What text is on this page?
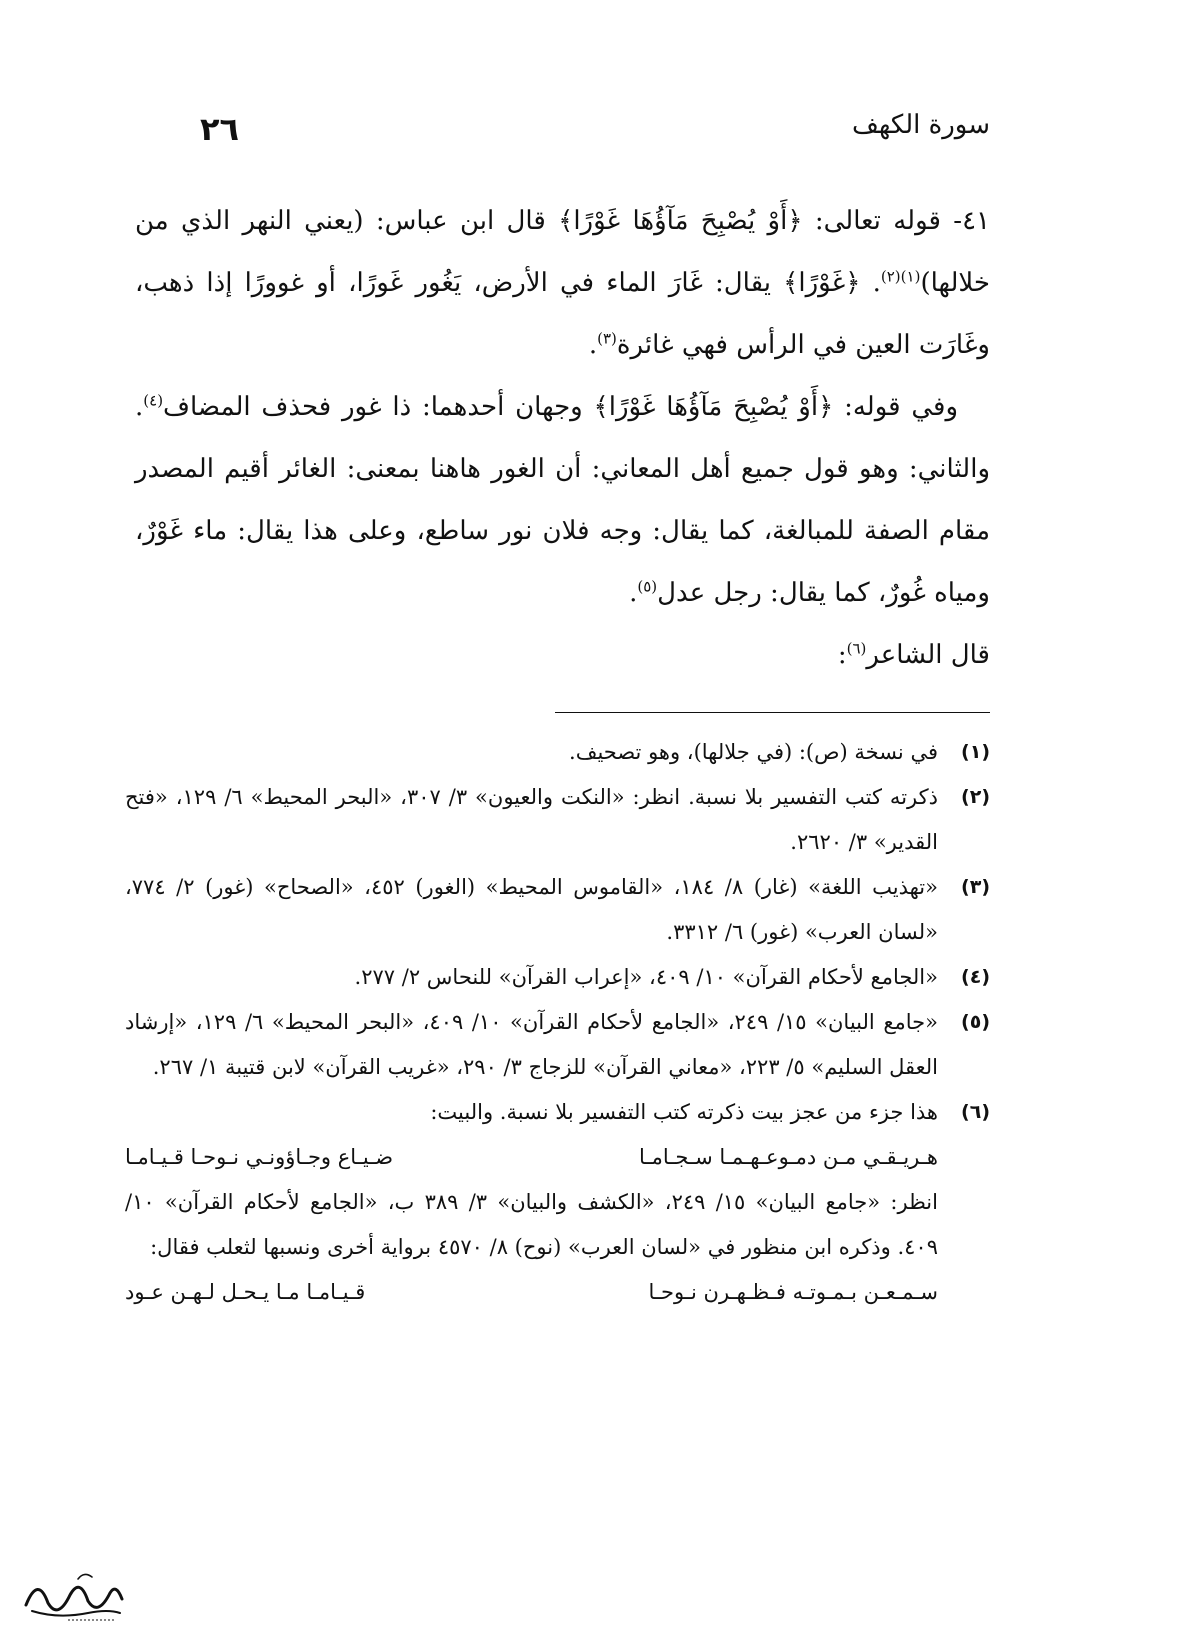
٢٦	سورة الكهف

٤١- قوله تعالى: ﴿أَوْ يُصْبِحَ مَآؤُهَا غَوْرًا﴾ قال ابن عباس: (يعني النهر الذي من خلالها)$^{(١)(٢)}$. ﴿غَوْرًا﴾ يقال: غَارَ الماء في الأرض، يَغُور غَورًا، أو غوورًا إذا ذهب، وغَارَت العين في الرأس فهي غائرة$^{(٣)}$.

وفي قوله: ﴿أَوْ يُصْبِحَ مَآؤُهَا غَوْرًا﴾ وجهان أحدهما: ذا غور فحذف المضاف$^{(٤)}$. والثاني: وهو قول جميع أهل المعاني: أن الغور هاهنا بمعنى: الغائر أقيم المصدر مقام الصفة للمبالغة، كما يقال: وجه فلان نور ساطع، وعلى هذا يقال: ماء غَوْرٌ، ومياه غُورٌ، كما يقال: رجل عدل$^{(٥)}$.

قال الشاعر$^{(٦)}$:

(١)
في نسخة (ص): (في جلالها)، وهو تصحيف.
(٢)
ذكرته كتب التفسير بلا نسبة. انظر: «النكت والعيون» ٣/ ٣٠٧، «البحر المحيط» ٦/ ١٢٩، «فتح القدير» ٣/ ٢٦٢٠.
(٣)
«تهذيب اللغة» (غار) ٨/ ١٨٤، «القاموس المحيط» (الغور) ٤٥٢، «الصحاح» (غور) ٢/ ٧٧٤، «لسان العرب» (غور) ٦/ ٣٣١٢.
(٤)
«الجامع لأحكام القرآن» ١٠/ ٤٠٩، «إعراب القرآن» للنحاس ٢/ ٢٧٧.
(٥)
«جامع البيان» ١٥/ ٢٤٩، «الجامع لأحكام القرآن» ١٠/ ٤٠٩، «البحر المحيط» ٦/ ١٢٩، «إرشاد العقل السليم» ٥/ ٢٢٣، «معاني القرآن» للزجاج ٣/ ٢٩٠، «غريب القرآن» لابن قتيبة ١/ ٢٦٧.
(٦)
هذا جزء من عجز بيت ذكرته كتب التفسير بلا نسبة. والبيت:
هـريـقـي مـن دمـوعـهـمـا سـجـامـا
ضـيـاع وجـاؤونـي نـوحـا قـيـامـا
انظر: «جامع البيان» ١٥/ ٢٤٩، «الكشف والبيان» ٣/ ٣٨٩ ب، «الجامع لأحكام القرآن» ١٠/ ٤٠٩. وذكره ابن منظور في «لسان العرب» (نوح) ٨/ ٤٥٧٠ برواية أخرى ونسبها لثعلب فقال:
سـمـعـن بـمـوتـه فـظـهـرن نـوحـا
قـيـامـا مـا يـحـل لـهـن عـود
